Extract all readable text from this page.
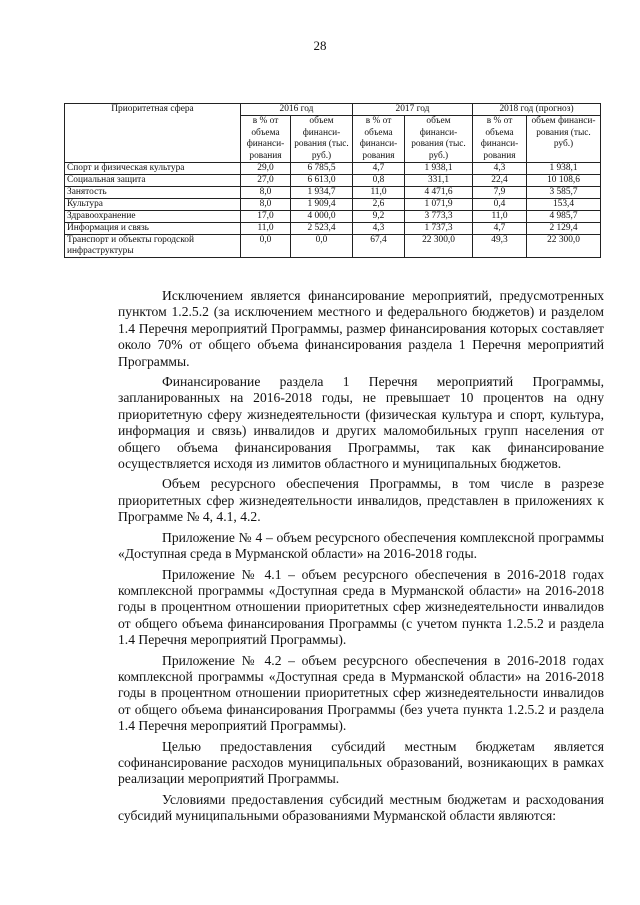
28
Приоритетная сфера	2016 год		2017 год		2018 год (прогноз)	
	в % от объема финанси-рования	объем финанси-рования (тыс. руб.)	в % от объема финанси-рования	объем финанси-рования (тыс. руб.)	в % от объема финанси-рования	объем финанси-рования (тыс. руб.)
Спорт и физическая культура	29,0	6 785,5	4,7	1 938,1	4,3	1 938,1
Социальная защита	27,0	6 613,0	0,8	331,1	22,4	10 108,6
Занятость	8,0	1 934,7	11,0	4 471,6	7,9	3 585,7
Культура	8,0	1 909,4	2,6	1 071,9	0,4	153,4
Здравоохранение	17,0	4 000,0	9,2	3 773,3	11,0	4 985,7
Информация и связь	11,0	2 523,4	4,3	1 737,3	4,7	2 129,4
Транспорт и объекты городской инфраструктуры	0,0	0,0	67,4	22 300,0	49,3	22 300,0

Исключением является финансирование мероприятий, предусмотренных пунктом 1.2.5.2 (за исключением местного и федерального бюджетов) и разделом 1.4 Перечня мероприятий Программы, размер финансирования которых составляет около 70% от общего объема финансирования раздела 1 Перечня мероприятий Программы.

Финансирование раздела 1 Перечня мероприятий Программы, запланированных на 2016-2018 годы, не превышает 10 процентов на одну приоритетную сферу жизнедеятельности (физическая культура и спорт, культура, информация и связь) инвалидов и других маломобильных групп населения от общего объема финансирования Программы, так как финансирование осуществляется исходя из лимитов областного и муниципальных бюджетов.

Объем ресурсного обеспечения Программы, в том числе в разрезе приоритетных сфер жизнедеятельности инвалидов, представлен в приложениях к Программе № 4, 4.1, 4.2.

Приложение № 4 – объем ресурсного обеспечения комплексной программы «Доступная среда в Мурманской области» на 2016-2018 годы.

Приложение № 4.1 – объем ресурсного обеспечения в 2016-2018 годах комплексной программы «Доступная среда в Мурманской области» на 2016-2018 годы в процентном отношении приоритетных сфер жизнедеятельности инвалидов от общего объема финансирования Программы (с учетом пункта 1.2.5.2 и раздела 1.4 Перечня мероприятий Программы).

Приложение № 4.2 – объем ресурсного обеспечения в 2016-2018 годах комплексной программы «Доступная среда в Мурманской области» на 2016-2018 годы в процентном отношении приоритетных сфер жизнедеятельности инвалидов от общего объема финансирования Программы (без учета пункта 1.2.5.2 и раздела 1.4 Перечня мероприятий Программы).

Целью предоставления субсидий местным бюджетам является софинансирование расходов муниципальных образований, возникающих в рамках реализации мероприятий Программы.

Условиями предоставления субсидий местным бюджетам и расходования субсидий муниципальными образованиями Мурманской области являются:
